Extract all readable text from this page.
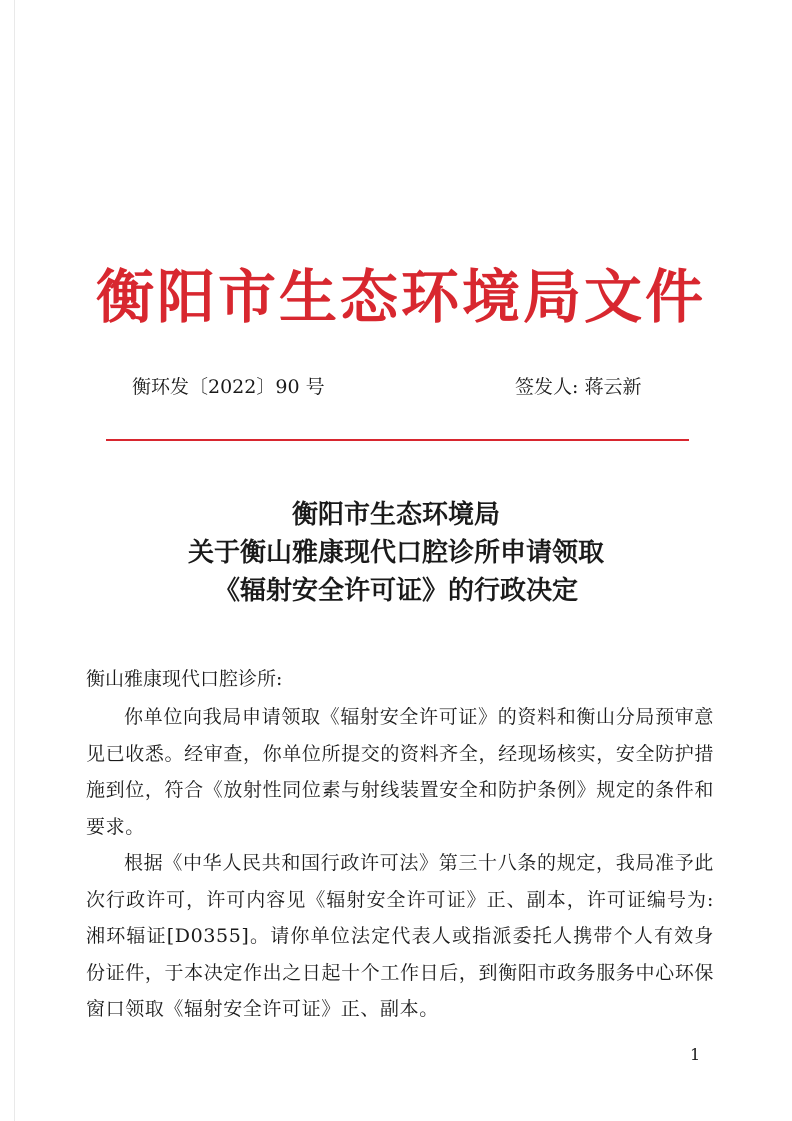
衡阳市生态环境局文件
衡环发〔2022〕90 号	签发人: 蒋云新
衡阳市生态环境局
关于衡山雅康现代口腔诊所申请领取
《辐射安全许可证》的行政决定
衡山雅康现代口腔诊所:

你单位向我局申请领取《辐射安全许可证》的资料和衡山分局预审意见已收悉。经审查，你单位所提交的资料齐全，经现场核实，安全防护措施到位，符合《放射性同位素与射线装置安全和防护条例》规定的条件和要求。

根据《中华人民共和国行政许可法》第三十八条的规定，我局准予此次行政许可，许可内容见《辐射安全许可证》正、副本，许可证编号为: 湘环辐证[D0355]。请你单位法定代表人或指派委托人携带个人有效身份证件，于本决定作出之日起十个工作日后，到衡阳市政务服务中心环保窗口领取《辐射安全许可证》正、副本。

1
